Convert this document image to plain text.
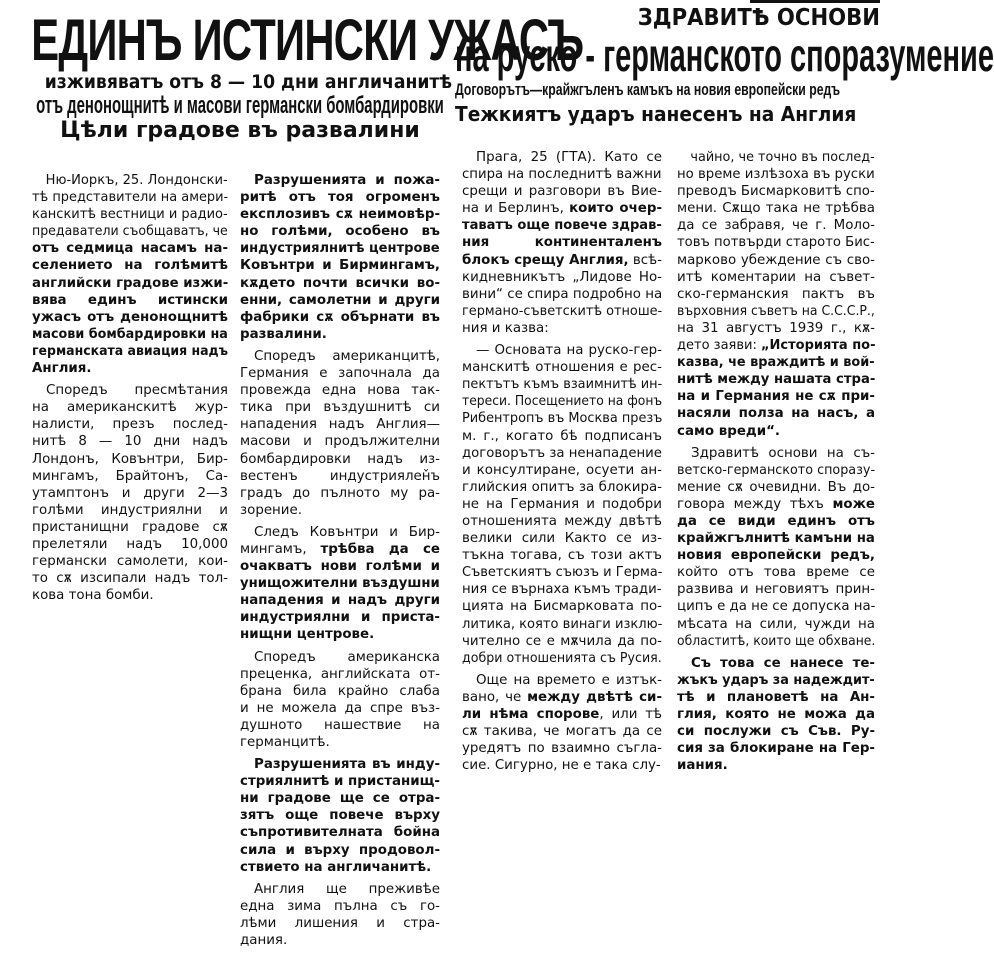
ЕДИНЪ ИСТИНСКИ УЖАСЪ
изживяватъ отъ 8 — 10 дни англичанитѣ
отъ денонощнитѣ и масови германски бомбардировки
Цѣли градове въ развалини
ЗДРАВИТѢ ОСНОВИ
на руско - германското споразумение
Договорътъ—крайжгъленъ камъкъ на новия европейски редъ
Тежкиятъ ударъ нанесенъ на Англия
Ню-Иоркъ, 25. Лондонски-
тѣ представители на амери-
канскитѣ вестници и радио-
предаватели съобщаватъ, че
отъ седмица насамъ на-
селението на голѣмитѣ
английски градове изжи-
вява единъ истински
ужасъ отъ денонощнитѣ
масови бомбардировки на
германската авиация надъ
Англия.
Споредъ пресмѣтания
на американскитѣ жур-
налисти, презъ послед-
нитѣ 8 — 10 дни надъ
Лондонъ, Ковънтри, Бир-
мингамъ, Брайтонъ, Са-
утамптонъ и други 2—3
голѣми индустриялни и
пристанищни градове сѫ
прелетяли надъ 10,000
германски самолети, кои-
то сѫ изсипали надъ тол-
кова тона бомби.
Разрушенията и пожа-
ритѣ отъ тоя огроменъ
експлозивъ сѫ неимовѣр-
но голѣми, особено въ
индустриялнитѣ центрове
Ковънтри и Бирмингамъ,
кѫдето почти всички во-
енни, самолетни и други
фабрики сѫ обърнати въ
развалини.
Споредъ американцитѣ,
Германия е започнала да
провежда една нова так-
тика при въздушнитѣ си
нападения надъ Англия—
масови и продължителни
бомбардировки надъ из-
вестенъ индустриялен̌ъ
градъ до пълното му ра-
зорение.
Следъ Ковънтри и Бир-
мингамъ, трѣбва да се
очакватъ нови голѣми и
унищожителни въздушни
нападения и надъ други
индустриялни и приста-
нищни центрове.
Споредъ американска
преценка, английската от-
брана била крайно слаба
и не можела да спре въз-
душното нашествие на
германцитѣ.
Разрушенията въ инду-
стриялнитѣ и пристанищ-
ни градове ще се отра-
зятъ още повече върху
съпротивителната бойна
сила и върху продовол-
ствието на англичанитѣ.
Англия ще преживѣе
една зима пълна съ го-
лѣми лишения и стра-
дания.
Прага, 25 (ГТА). Като се
спира на последнитѣ важни
срещи и разговори въ Вие-
на и Берлинъ, които очер-
таватъ още повече здрав-
ния континенталенъ
блокъ срещу Англия, всѣ-
кидневникътъ „Лидове Но-
вини“ се спира подробно на
германо-съветскитѣ отноше-
ния и казва:
— Основата на руско-гер-
манскитѣ отношения е рес-
пектътъ къмъ взаимнитѣ ин-
тереси. Посещението на фонъ
Рибентропъ въ Москва презъ
м. г., когато бѣ подписанъ
договорътъ за ненападение
и консултиране, осуети ан-
глийския опитъ за блокира-
не на Германия и подобри
отношенията между двѣтѣ
велики сили Както се из-
тъкна тогава, съ този актъ
Съветскиятъ съюзъ и Герма-
ния се върнаха къмъ тради-
цията на Бисмарковата по-
литика, която винаги изклю-
чително се е мѫчила да по-
добри отношенията съ Русия.
Още на времето е изтък-
вано, че между двѣтѣ си-
ли нѣма спорове, или тѣ
сѫ такива, че могатъ да се
уредятъ по взаимно съгла-
сие. Сигурно, не е така слу-
чайно, че точно въ послед-
но време излѣзоха въ руски
преводъ Бисмарковитѣ спо-
мени. Сѫщо така не трѣбва
да се забравя, че г. Моло-
товъ потвърди старото Бис-
марково убеждение съ сво-
итѣ коментарии на съвет-
ско-германския пактъ въ
върховния съветъ на С.С.С.Р.,
на 31 августъ 1939 г., кѫ-
дето заяви: „Историята по-
казва, че враждитѣ и вой-
нитѣ между нашата стра-
на и Германия не сѫ при-
насяли полза на насъ, а
само вреди“.
Здравитѣ основи на съ-
ветско-германското споразу-
мение сѫ очевидни. Въ до-
говора между тѣхъ може
да се види единъ отъ
крайжгълнитѣ камъни на
новия европейски редъ,
който отъ това време се
развива и неговиятъ прин-
ципъ е да не се допуска на-
мѣсата на сили, чужди на
областитѣ, които ще обхване.
Съ това се нанесе те-
жъкъ ударъ за надеждит-
тѣ и плановетѣ на Ан-
глия, която не можа да
си послужи съ Съв. Ру-
сия за блокиране на Гер-
иания.
